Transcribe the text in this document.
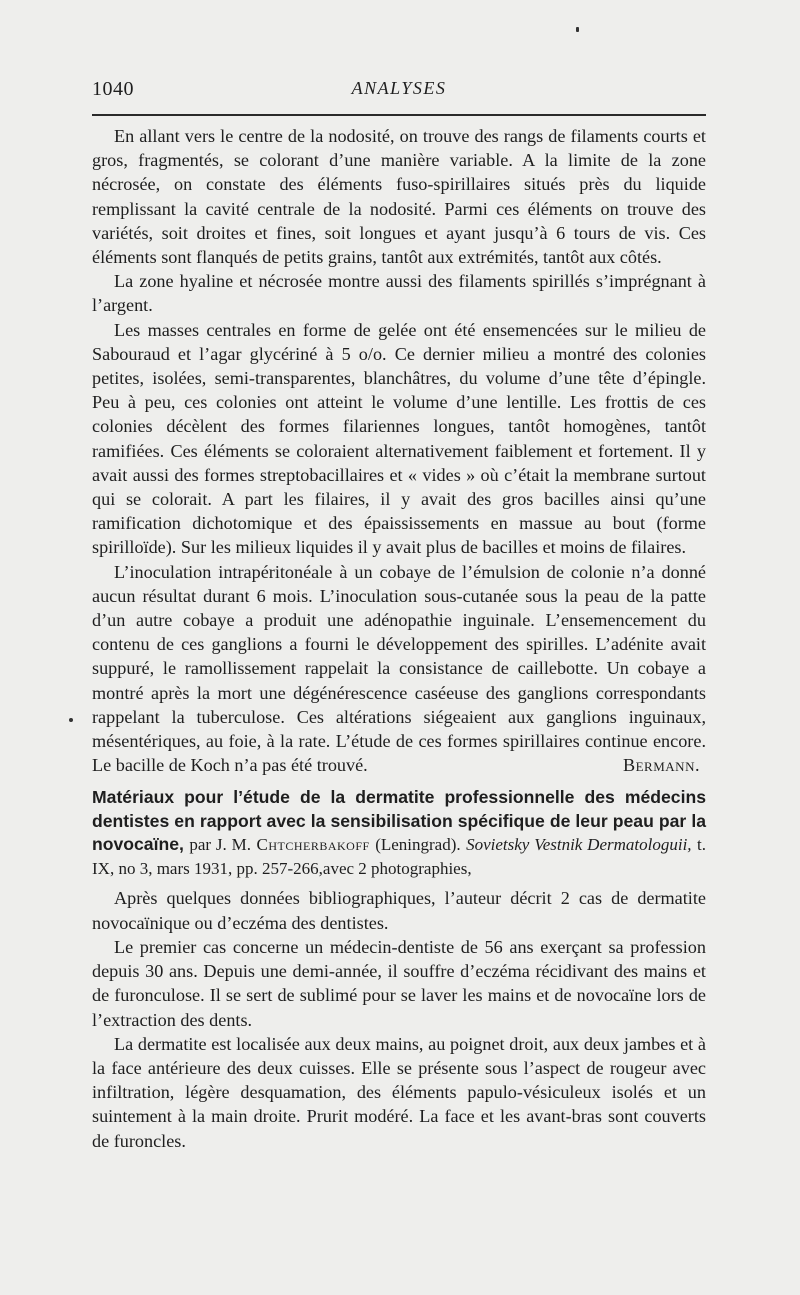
1040	ANALYSES

En allant vers le centre de la nodosité, on trouve des rangs de filaments courts et gros, fragmentés, se colorant d’une manière variable. A la limite de la zone nécrosée, on constate des éléments fuso-spirillaires situés près du liquide remplissant la cavité centrale de la nodosité. Parmi ces éléments on trouve des variétés, soit droites et fines, soit longues et ayant jusqu’à 6 tours de vis. Ces éléments sont flanqués de petits grains, tantôt aux extrémités, tantôt aux côtés.

La zone hyaline et nécrosée montre aussi des filaments spirillés s’imprégnant à l’argent.

Les masses centrales en forme de gelée ont été ensemencées sur le milieu de Sabouraud et l’agar glycériné à 5 o/o. Ce dernier milieu a montré des colonies petites, isolées, semi-transparentes, blanchâtres, du volume d’une tête d’épingle. Peu à peu, ces colonies ont atteint le volume d’une lentille. Les frottis de ces colonies décèlent des formes filariennes longues, tantôt homogènes, tantôt ramifiées. Ces éléments se coloraient alternativement faiblement et fortement. Il y avait aussi des formes streptobacillaires et « vides » où c’était la membrane surtout qui se colorait. A part les filaires, il y avait des gros bacilles ainsi qu’une ramification dichotomique et des épaississements en massue au bout (forme spirilloïde). Sur les milieux liquides il y avait plus de bacilles et moins de filaires.

L’inoculation intrapéritonéale à un cobaye de l’émulsion de colonie n’a donné aucun résultat durant 6 mois. L’inoculation sous-cutanée sous la peau de la patte d’un autre cobaye a produit une adénopathie inguinale. L’ensemencement du contenu de ces ganglions a fourni le développement des spirilles. L’adénite avait suppuré, le ramollissement rappelait la consistance de caillebotte. Un cobaye a montré après la mort une dégénérescence caséeuse des ganglions correspondants rappelant la tuberculose. Ces altérations siégeaient aux ganglions inguinaux, mésentériques, au foie, à la rate. L’étude de ces formes spirillaires continue encore. Le bacille de Koch n’a pas été trouvé.	Bermann.

Matériaux pour l’étude de la dermatite professionnelle des médecins dentistes en rapport avec la sensibilisation spécifique de leur peau par la novocaïne, par J. M. Chtcherbakoff (Leningrad). Sovietsky Vestnik Dermatologuii, t. IX, no 3, mars 1931, pp. 257-266,avec 2 photographies,

Après quelques données bibliographiques, l’auteur décrit 2 cas de dermatite novocaïnique ou d’eczéma des dentistes.

Le premier cas concerne un médecin-dentiste de 56 ans exerçant sa profession depuis 30 ans. Depuis une demi-année, il souffre d’eczéma récidivant des mains et de furonculose. Il se sert de sublimé pour se laver les mains et de novocaïne lors de l’extraction des dents.

La dermatite est localisée aux deux mains, au poignet droit, aux deux jambes et à la face antérieure des deux cuisses. Elle se présente sous l’aspect de rougeur avec infiltration, légère desquamation, des éléments papulo-vésiculeux isolés et un suintement à la main droite. Prurit modéré. La face et les avant-bras sont couverts de furoncles.
